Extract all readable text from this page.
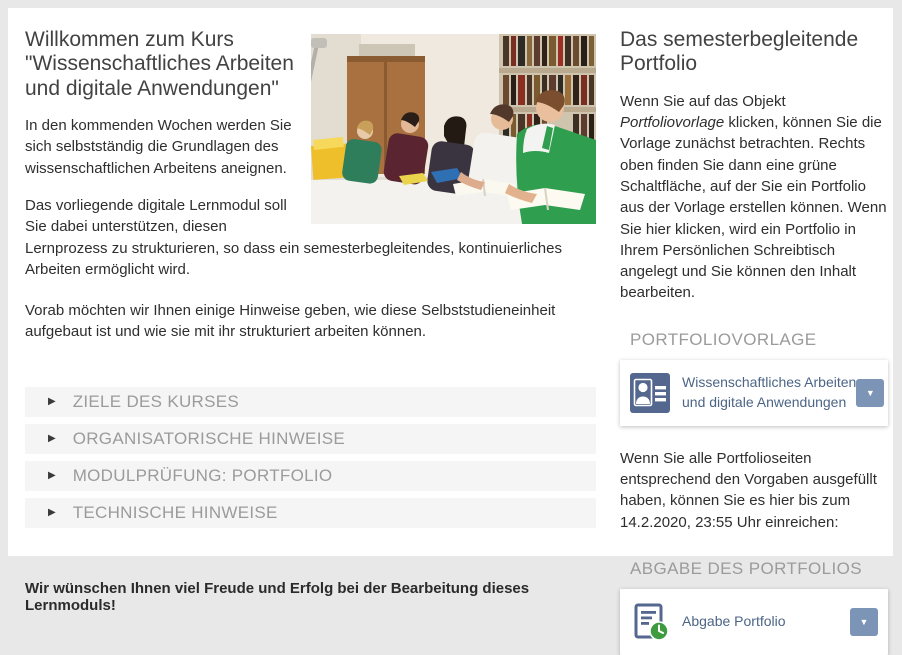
Willkommen zum Kurs "Wissenschaftliches Arbeiten und digitale Anwendungen"

In den kommenden Wochen werden Sie sich selbstständig die Grundlagen des wissenschaftlichen Arbeitens aneignen.

Das vorliegende digitale Lernmodul soll Sie dabei unterstützen, diesen Lernprozess zu strukturieren, so dass ein semesterbegleitendes, kontinuierliches Arbeiten ermöglicht wird.

Vorab möchten wir Ihnen einige Hinweise geben, wie diese Selbststudieneinheit aufgebaut ist und wie sie mit ihr strukturiert arbeiten können.

▶ ZIELE DES KURSES
▶ ORGANISATORISCHE HINWEISE
▶ MODULPRÜFUNG: PORTFOLIO
▶ TECHNISCHE HINWEISE
Wir wünschen Ihnen viel Freude und Erfolg bei der Bearbeitung dieses Lernmoduls!
Das semesterbegleitende Portfolio

Wenn Sie auf das Objekt Portfoliovorlage klicken, können Sie die Vorlage zunächst betrachten. Rechts oben finden Sie dann eine grüne Schaltfläche, auf der Sie ein Portfolio aus der Vorlage erstellen können. Wenn Sie hier klicken, wird ein Portfolio in Ihrem Persönlichen Schreibtisch angelegt und Sie können den Inhalt bearbeiten.

PORTFOLIOVORLAGE
Wissenschaftliches Arbeiten
und digitale Anwendungen
▼

Wenn Sie alle Portfolioseiten entsprechend den Vorgaben ausgefüllt haben, können Sie es hier bis zum 14.2.2020, 23:55 Uhr einreichen:

ABGABE DES PORTFOLIOS
Abgabe Portfolio	▼
